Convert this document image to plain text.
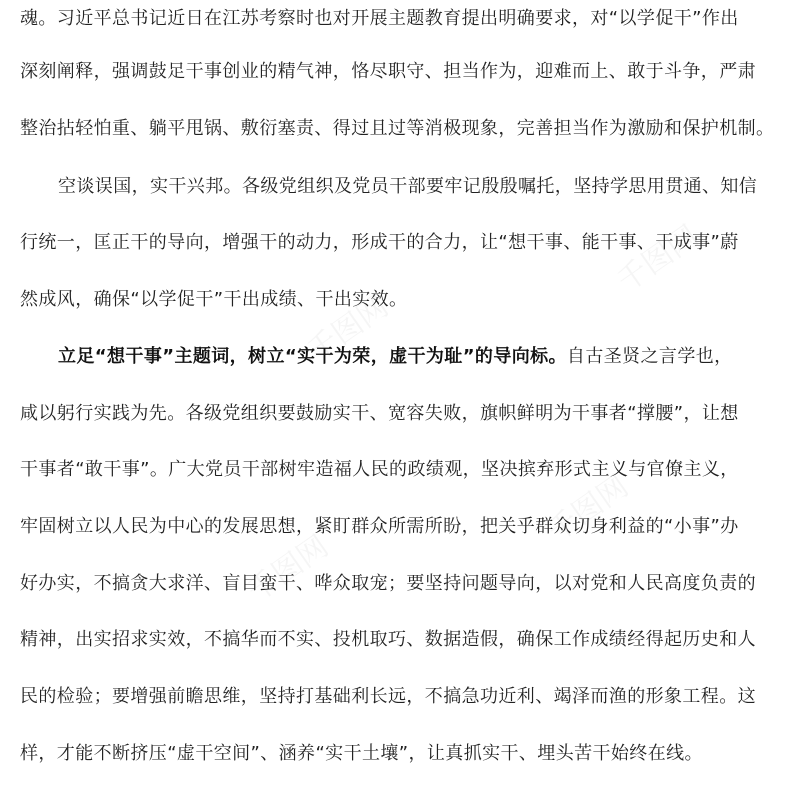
千图网
千图网
千图网
千图网
魂。习近平总书记近日在江苏考察时也对开展主题教育提出明确要求，对“以学促干”作出
深刻阐释，强调鼓足干事创业的精气神，恪尽职守、担当作为，迎难而上、敢于斗争，严肃
整治拈轻怕重、躺平甩锅、敷衍塞责、得过且过等消极现象，完善担当作为激励和保护机制。
空谈误国，实干兴邦。各级党组织及党员干部要牢记殷殷嘱托，坚持学思用贯通、知信
行统一，匡正干的导向，增强干的动力，形成干的合力，让“想干事、能干事、干成事”蔚
然成风，确保“以学促干”干出成绩、干出实效。
立足“想干事”主题词，树立“实干为荣，虚干为耻”的导向标。自古圣贤之言学也，
咸以躬行实践为先。各级党组织要鼓励实干、宽容失败，旗帜鲜明为干事者“撑腰”，让想
干事者“敢干事”。广大党员干部树牢造福人民的政绩观，坚决摈弃形式主义与官僚主义，
牢固树立以人民为中心的发展思想，紧盯群众所需所盼，把关乎群众切身利益的“小事”办
好办实，不搞贪大求洋、盲目蛮干、哗众取宠；要坚持问题导向，以对党和人民高度负责的
精神，出实招求实效，不搞华而不实、投机取巧、数据造假，确保工作成绩经得起历史和人
民的检验；要增强前瞻思维，坚持打基础利长远，不搞急功近利、竭泽而渔的形象工程。这
样，才能不断挤压“虚干空间”、涵养“实干土壤”，让真抓实干、埋头苦干始终在线。
